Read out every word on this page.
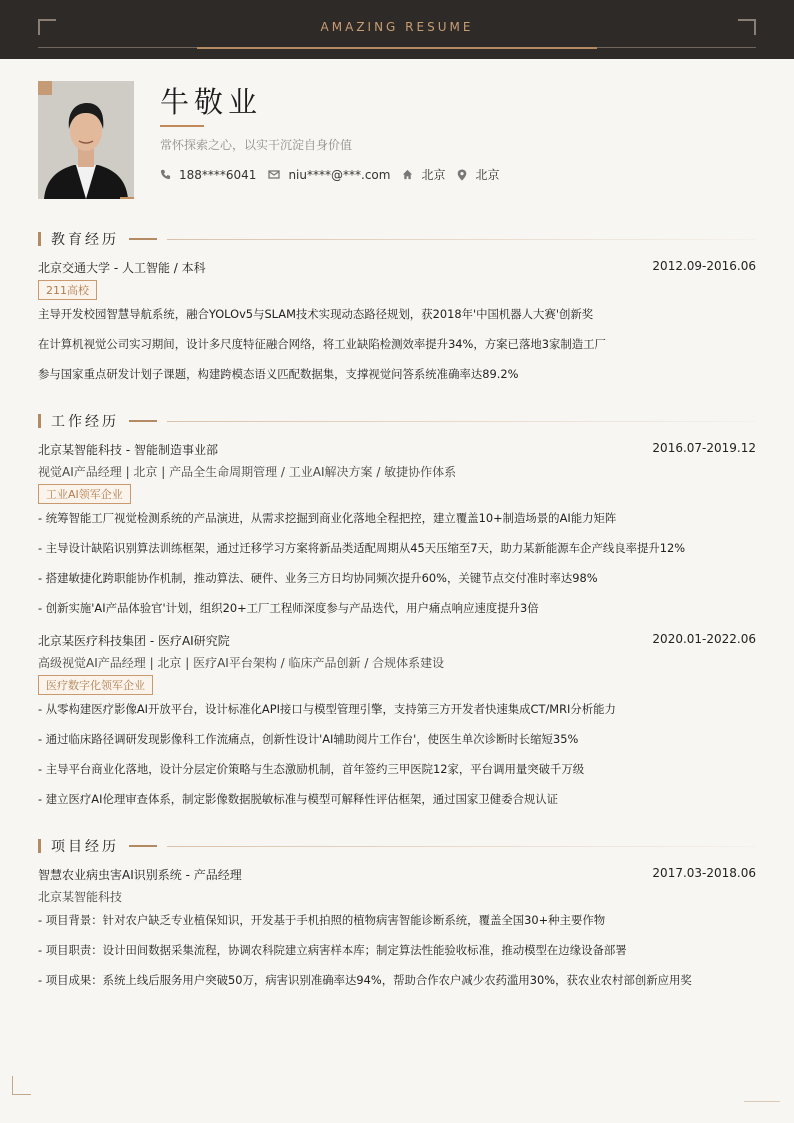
AMAZING RESUME
牛敬业
常怀探索之心，以实干沉淀自身价值
188****6041	niu****@***.com	北京	北京
教育经历
北京交通大学 - 人工智能 / 本科	2012.09-2016.06
211高校
主导开发校园智慧导航系统，融合YOLOv5与SLAM技术实现动态路径规划，获2018年'中国机器人大赛'创新奖
在计算机视觉公司实习期间，设计多尺度特征融合网络，将工业缺陷检测效率提升34%，方案已落地3家制造工厂
参与国家重点研发计划子课题，构建跨模态语义匹配数据集，支撑视觉问答系统准确率达89.2%
工作经历
北京某智能科技 - 智能制造事业部	2016.07-2019.12
视觉AI产品经理 | 北京 | 产品全生命周期管理 / 工业AI解决方案 / 敏捷协作体系
工业AI领军企业
- 统筹智能工厂视觉检测系统的产品演进，从需求挖掘到商业化落地全程把控，建立覆盖10+制造场景的AI能力矩阵
- 主导设计缺陷识别算法训练框架，通过迁移学习方案将新品类适配周期从45天压缩至7天，助力某新能源车企产线良率提升12%
- 搭建敏捷化跨职能协作机制，推动算法、硬件、业务三方日均协同频次提升60%，关键节点交付准时率达98%
- 创新实施'AI产品体验官'计划，组织20+工厂工程师深度参与产品迭代，用户痛点响应速度提升3倍
北京某医疗科技集团 - 医疗AI研究院	2020.01-2022.06
高级视觉AI产品经理 | 北京 | 医疗AI平台架构 / 临床产品创新 / 合规体系建设
医疗数字化领军企业
- 从零构建医疗影像AI开放平台，设计标准化API接口与模型管理引擎，支持第三方开发者快速集成CT/MRI分析能力
- 通过临床路径调研发现影像科工作流痛点，创新性设计'AI辅助阅片工作台'，使医生单次诊断时长缩短35%
- 主导平台商业化落地，设计分层定价策略与生态激励机制，首年签约三甲医院12家，平台调用量突破千万级
- 建立医疗AI伦理审查体系，制定影像数据脱敏标准与模型可解释性评估框架，通过国家卫健委合规认证
项目经历
智慧农业病虫害AI识别系统 - 产品经理	2017.03-2018.06
北京某智能科技
- 项目背景：针对农户缺乏专业植保知识，开发基于手机拍照的植物病害智能诊断系统，覆盖全国30+种主要作物
- 项目职责：设计田间数据采集流程，协调农科院建立病害样本库；制定算法性能验收标准，推动模型在边缘设备部署
- 项目成果：系统上线后服务用户突破50万，病害识别准确率达94%，帮助合作农户减少农药滥用30%，获农业农村部创新应用奖
